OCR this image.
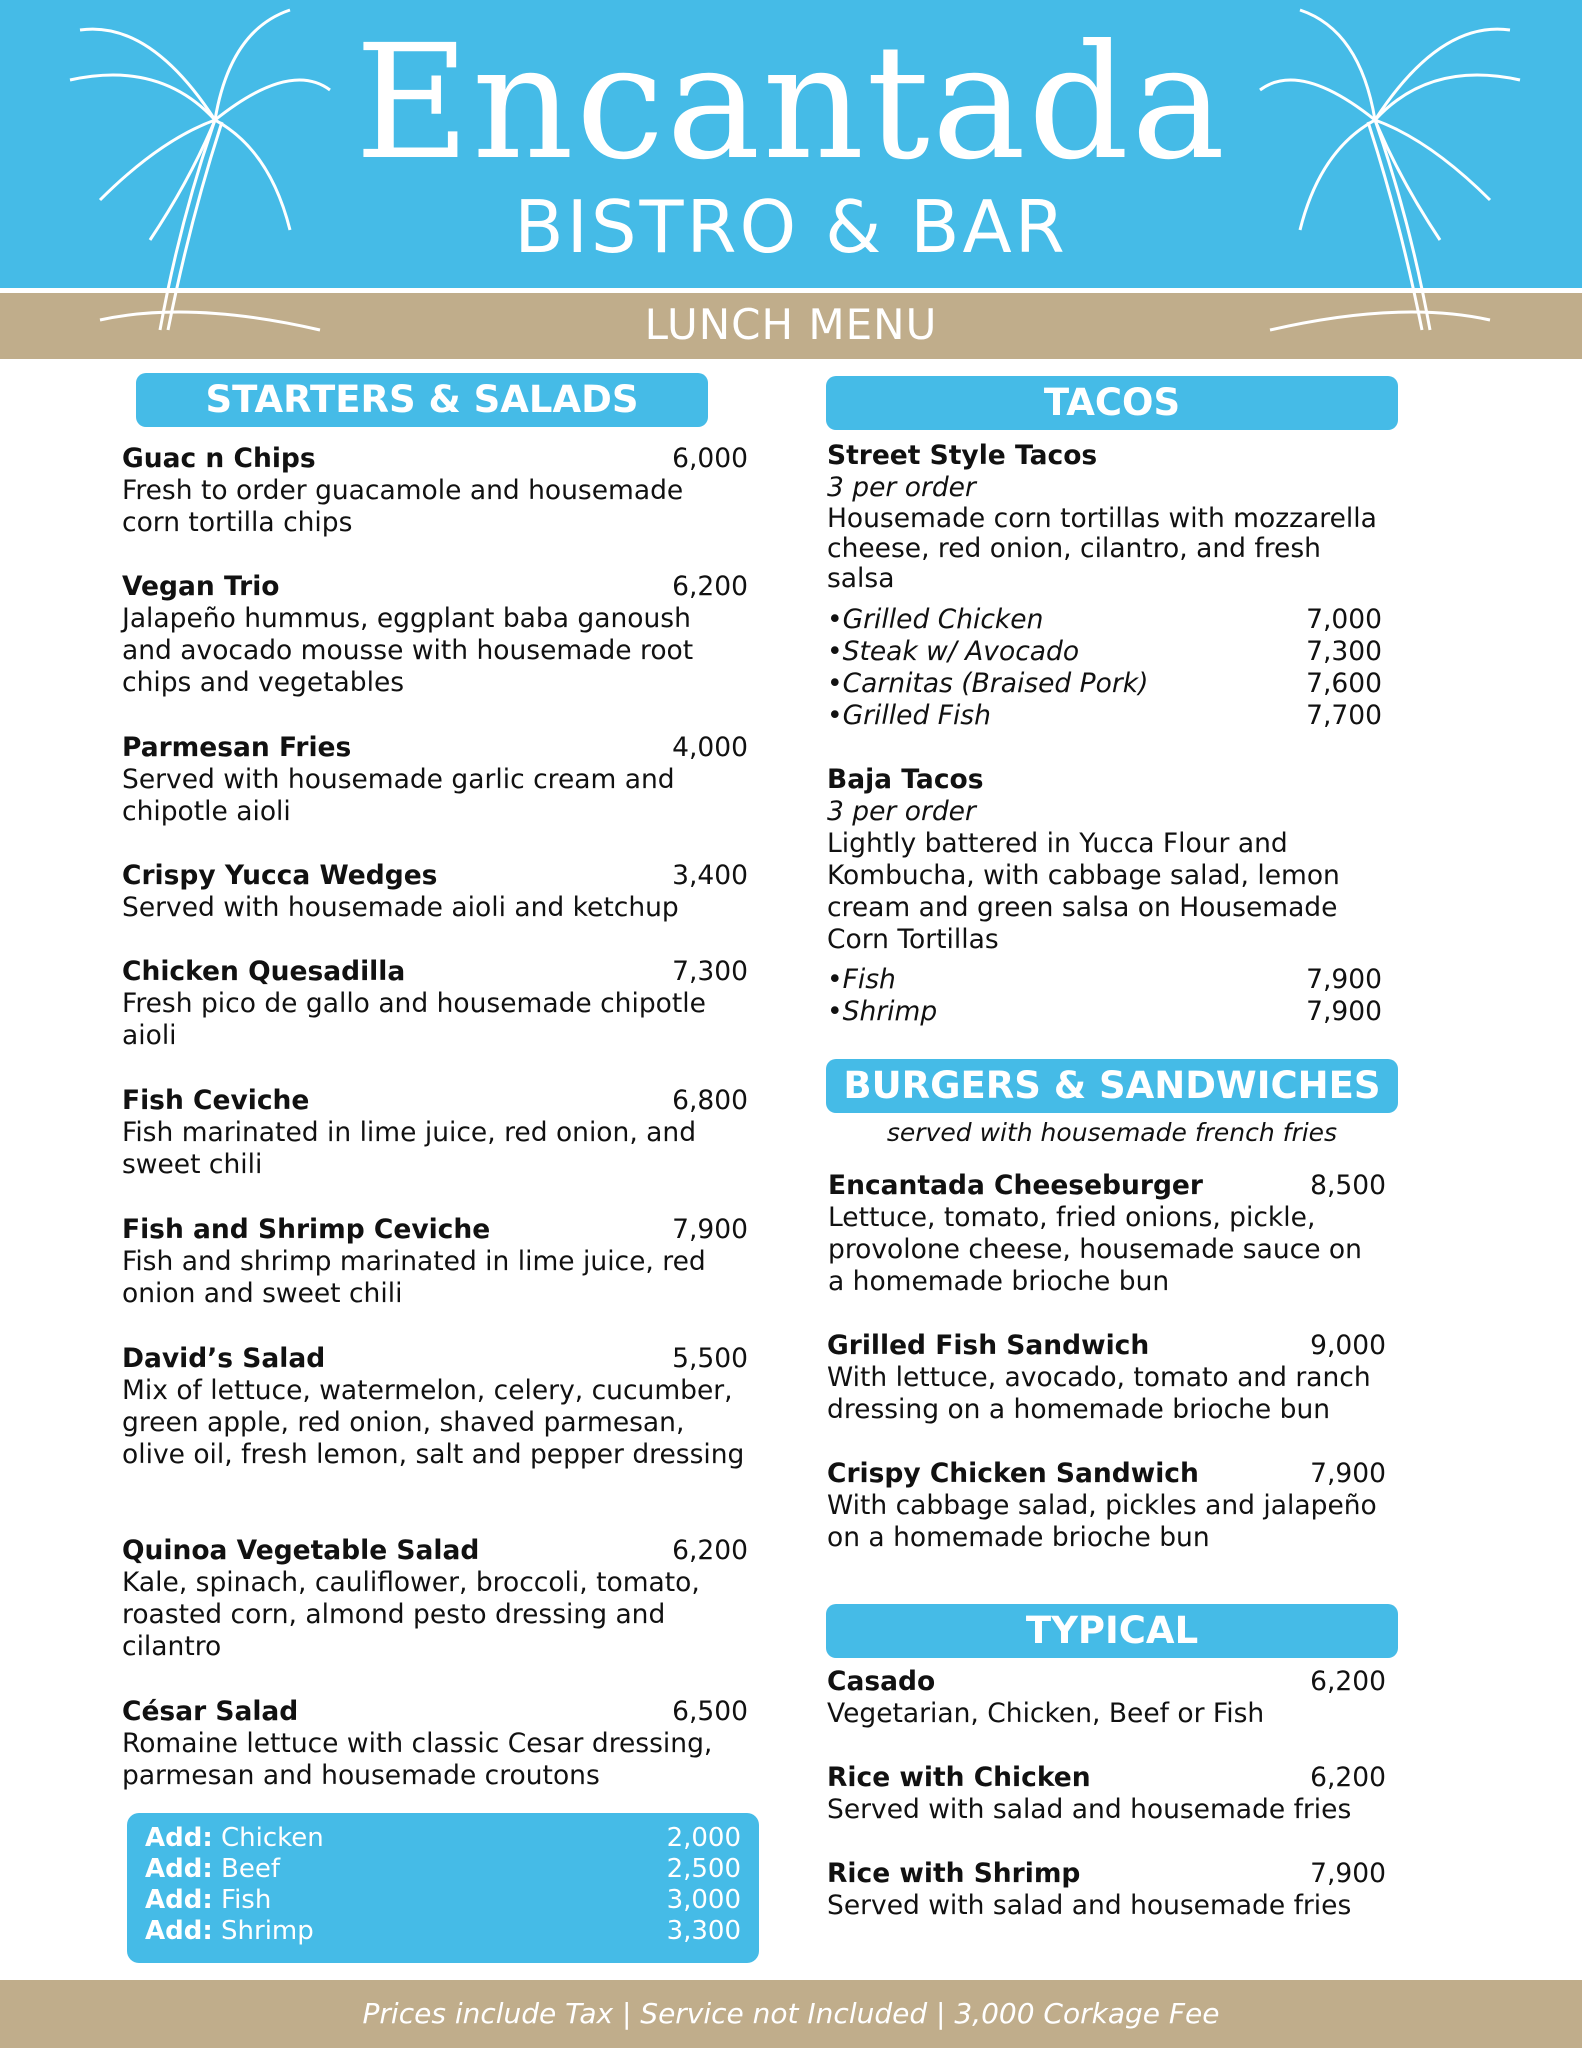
Encantada
BISTRO & BAR
LUNCH MENU
STARTERS & SALADS
Guac n Chips	6,000
Fresh to order guacamole and housemade corn tortilla chips
Vegan Trio	6,200
Jalapeño hummus, eggplant baba ganoush and avocado mousse with housemade root chips and vegetables
Parmesan Fries	4,000
Served with housemade garlic cream and chipotle aioli
Crispy Yucca Wedges	3,400
Served with housemade aioli and ketchup
Chicken Quesadilla	7,300
Fresh pico de gallo and housemade chipotle aioli
Fish Ceviche	6,800
Fish marinated in lime juice, red onion, and sweet chili
Fish and Shrimp Ceviche	7,900
Fish and shrimp marinated in lime juice, red onion and sweet chili
David’s Salad	5,500
Mix of lettuce, watermelon, celery, cucumber, green apple, red onion, shaved parmesan, olive oil, fresh lemon, salt and pepper dressing
Quinoa Vegetable Salad	6,200
Kale, spinach, cauliflower, broccoli, tomato, roasted corn, almond pesto dressing and cilantro
César Salad	6,500
Romaine lettuce with classic Cesar dressing, parmesan and housemade croutons
Add: Chicken	2,000
Add: Beef	2,500
Add: Fish	3,000
Add: Shrimp	3,300
TACOS
Street Style Tacos
3 per order
Housemade corn tortillas with mozzarella cheese, red onion, cilantro, and fresh salsa
•Grilled Chicken	7,000
•Steak w/ Avocado	7,300
•Carnitas (Braised Pork)	7,600
•Grilled Fish	7,700
Baja Tacos
3 per order
Lightly battered in Yucca Flour and Kombucha, with cabbage salad, lemon cream and green salsa on Housemade Corn Tortillas
•Fish	7,900
•Shrimp	7,900
BURGERS & SANDWICHES
served with housemade french fries
Encantada Cheeseburger	8,500
Lettuce, tomato, fried onions, pickle, provolone cheese, housemade sauce on a homemade brioche bun
Grilled Fish Sandwich	9,000
With lettuce, avocado, tomato and ranch dressing on a homemade brioche bun
Crispy Chicken Sandwich	7,900
With cabbage salad, pickles and jalapeño on a homemade brioche bun
TYPICAL
Casado	6,200
Vegetarian, Chicken, Beef or Fish
Rice with Chicken	6,200
Served with salad and housemade fries
Rice with Shrimp	7,900
Served with salad and housemade fries
Prices include Tax | Service not Included | 3,000 Corkage Fee
